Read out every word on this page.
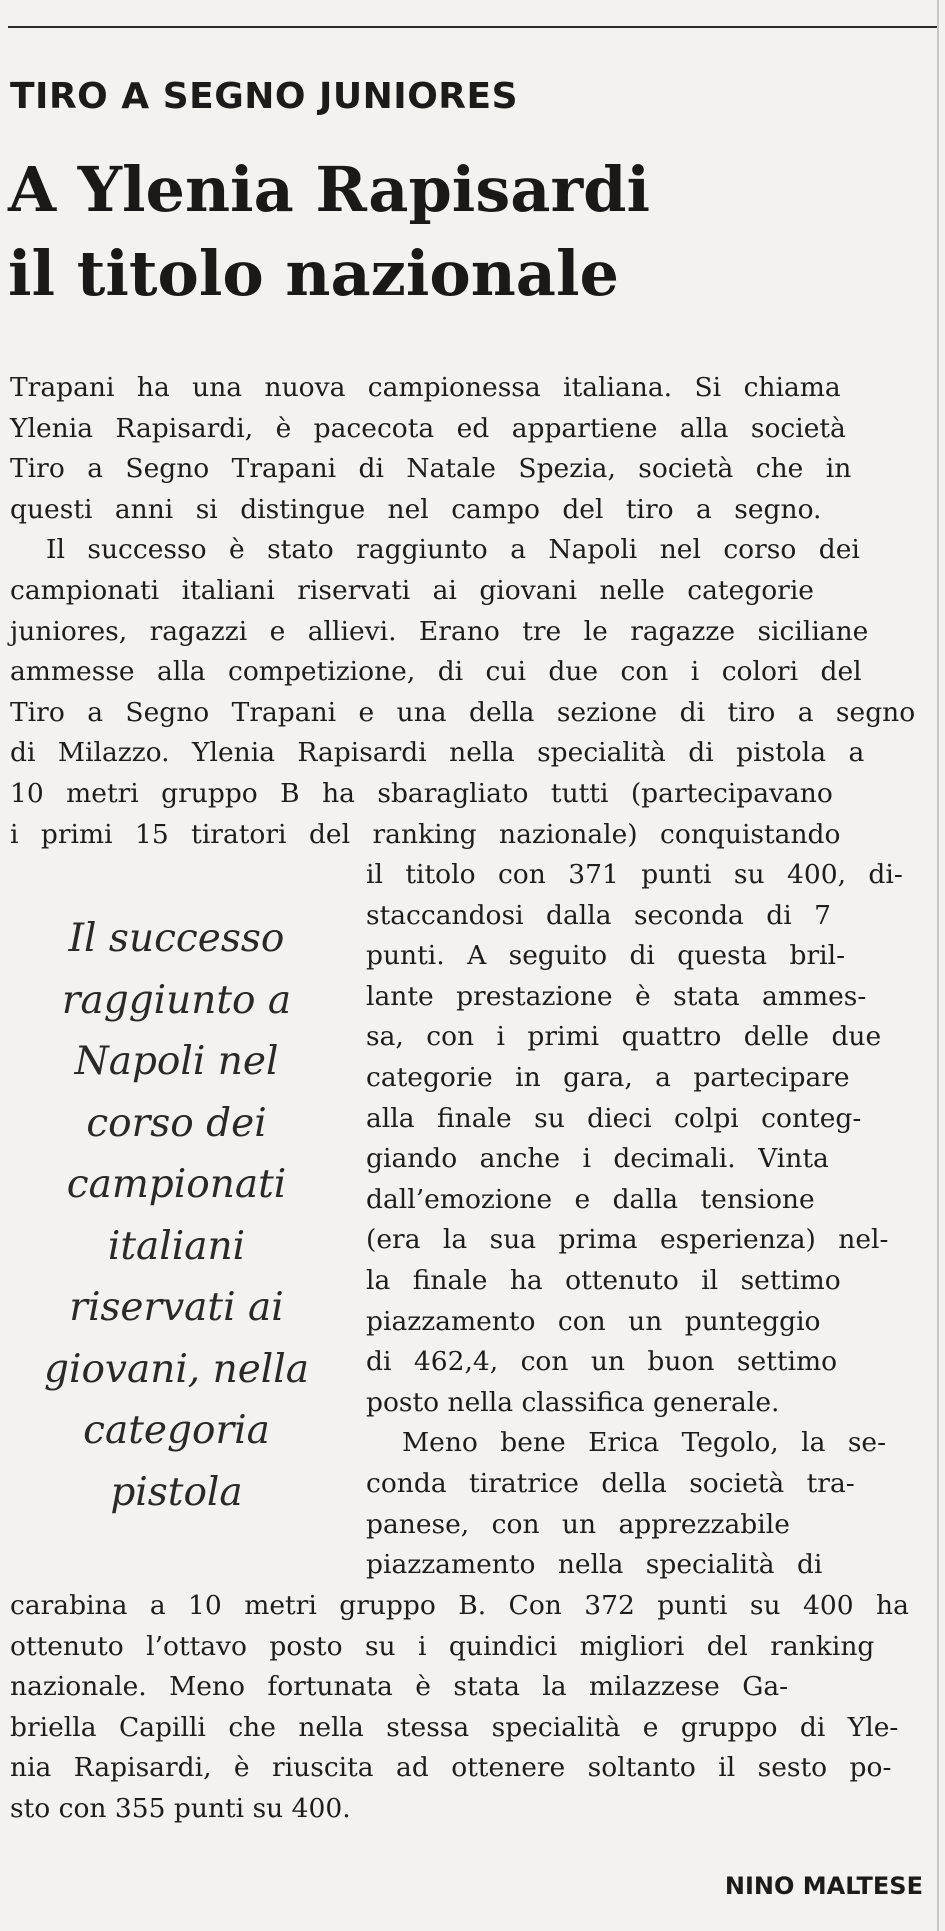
TIRO A SEGNO JUNIORES
A Ylenia Rapisardi
il titolo nazionale
Trapani ha una nuova campionessa italiana. Si chiama
Ylenia Rapisardi, è pacecota ed appartiene alla società
Tiro a Segno Trapani di Natale Spezia, società che in
questi anni si distingue nel campo del tiro a segno.
Il successo è stato raggiunto a Napoli nel corso dei
campionati italiani riservati ai giovani nelle categorie
juniores, ragazzi e allievi. Erano tre le ragazze siciliane
ammesse alla competizione, di cui due con i colori del
Tiro a Segno Trapani e una della sezione di tiro a segno
di Milazzo. Ylenia Rapisardi nella specialità di pistola a
10 metri gruppo B ha sbaragliato tutti (partecipavano
i primi 15 tiratori del ranking nazionale) conquistando
il titolo con 371 punti su 400, di-
staccandosi dalla seconda di 7
punti. A seguito di questa bril-
lante prestazione è stata ammes-
sa, con i primi quattro delle due
categorie in gara, a partecipare
alla finale su dieci colpi conteg-
giando anche i decimali. Vinta
dall’emozione e dalla tensione
(era la sua prima esperienza) nel-
la finale ha ottenuto il settimo
piazzamento con un punteggio
di 462,4, con un buon settimo
posto nella classifica generale.
Meno bene Erica Tegolo, la se-
conda tiratrice della società tra-
panese, con un apprezzabile
piazzamento nella specialità di
carabina a 10 metri gruppo B. Con 372 punti su 400 ha
ottenuto l’ottavo posto su i quindici migliori del ranking
nazionale. Meno fortunata è stata la milazzese Ga-
briella Capilli che nella stessa specialità e gruppo di Yle-
nia Rapisardi, è riuscita ad ottenere soltanto il sesto po-
sto con 355 punti su 400.
Il successo
raggiunto a
Napoli nel
corso dei
campionati
italiani
riservati ai
giovani, nella
categoria
pistola
NINO MALTESE
